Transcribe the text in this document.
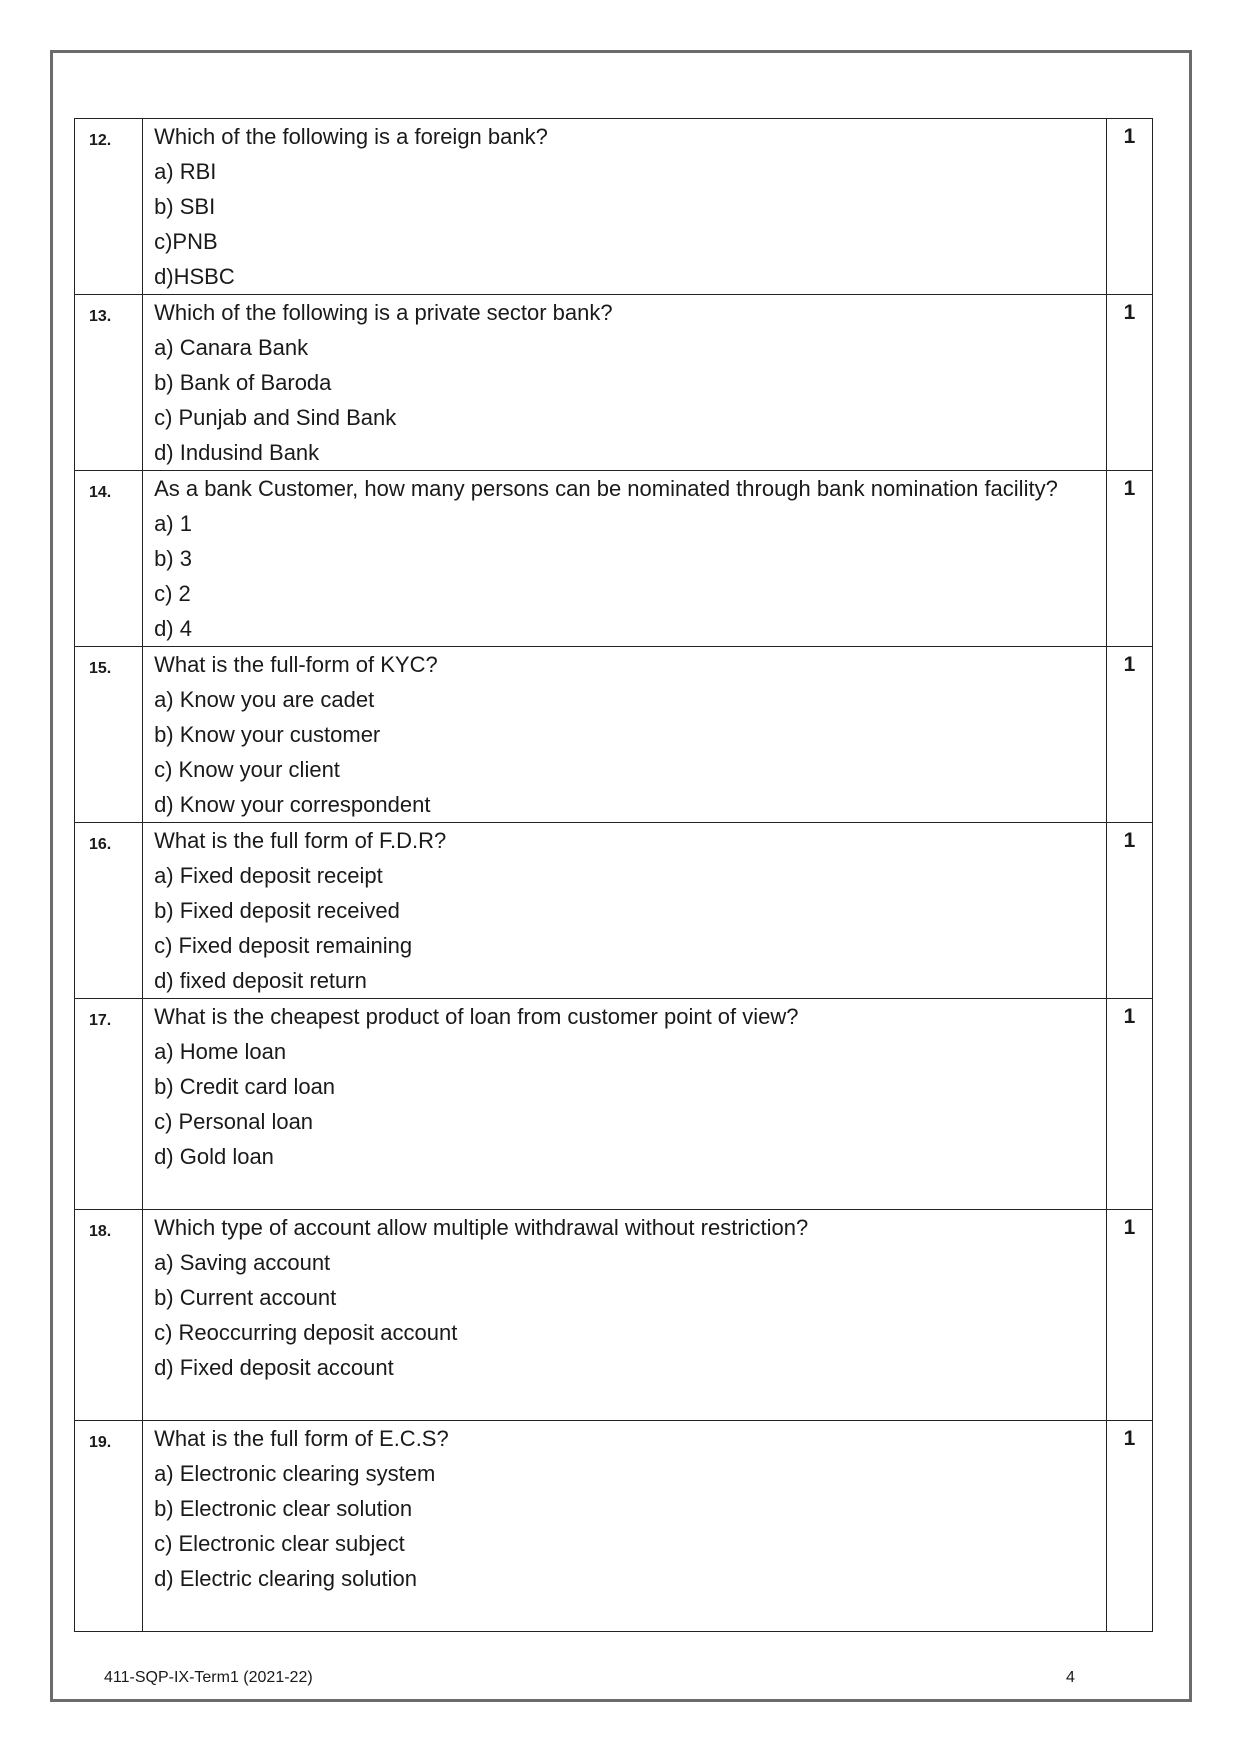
12.	Which of the following is a foreign bank?
a) RBI
b) SBI
c)PNB
d)HSBC	1
13.	Which of the following is a private sector bank?
a) Canara Bank
b) Bank of Baroda
c) Punjab and Sind Bank
d) Indusind Bank	1
14.	As a bank Customer, how many persons can be nominated through bank nomination facility?
a) 1
b) 3
c) 2
d) 4	1
15.	What is the full-form of KYC?
a) Know you are cadet
b) Know your customer
c) Know your client
d) Know your correspondent	1
16.	What is the full form of F.D.R?
a) Fixed deposit receipt
b) Fixed deposit received
c) Fixed deposit remaining
d) fixed deposit return	1
17.	What is the cheapest product of loan from customer point of view?
a) Home loan
b) Credit card loan
c) Personal loan
d) Gold loan	1
18.	Which type of account allow multiple withdrawal without restriction?
a) Saving account
b) Current account
c) Reoccurring deposit account
d) Fixed deposit account	1
19.	What is the full form of E.C.S?
a) Electronic clearing system
b) Electronic clear solution
c) Electronic clear subject
d) Electric clearing solution	1
411-SQP-IX-Term1 (2021-22)	4
